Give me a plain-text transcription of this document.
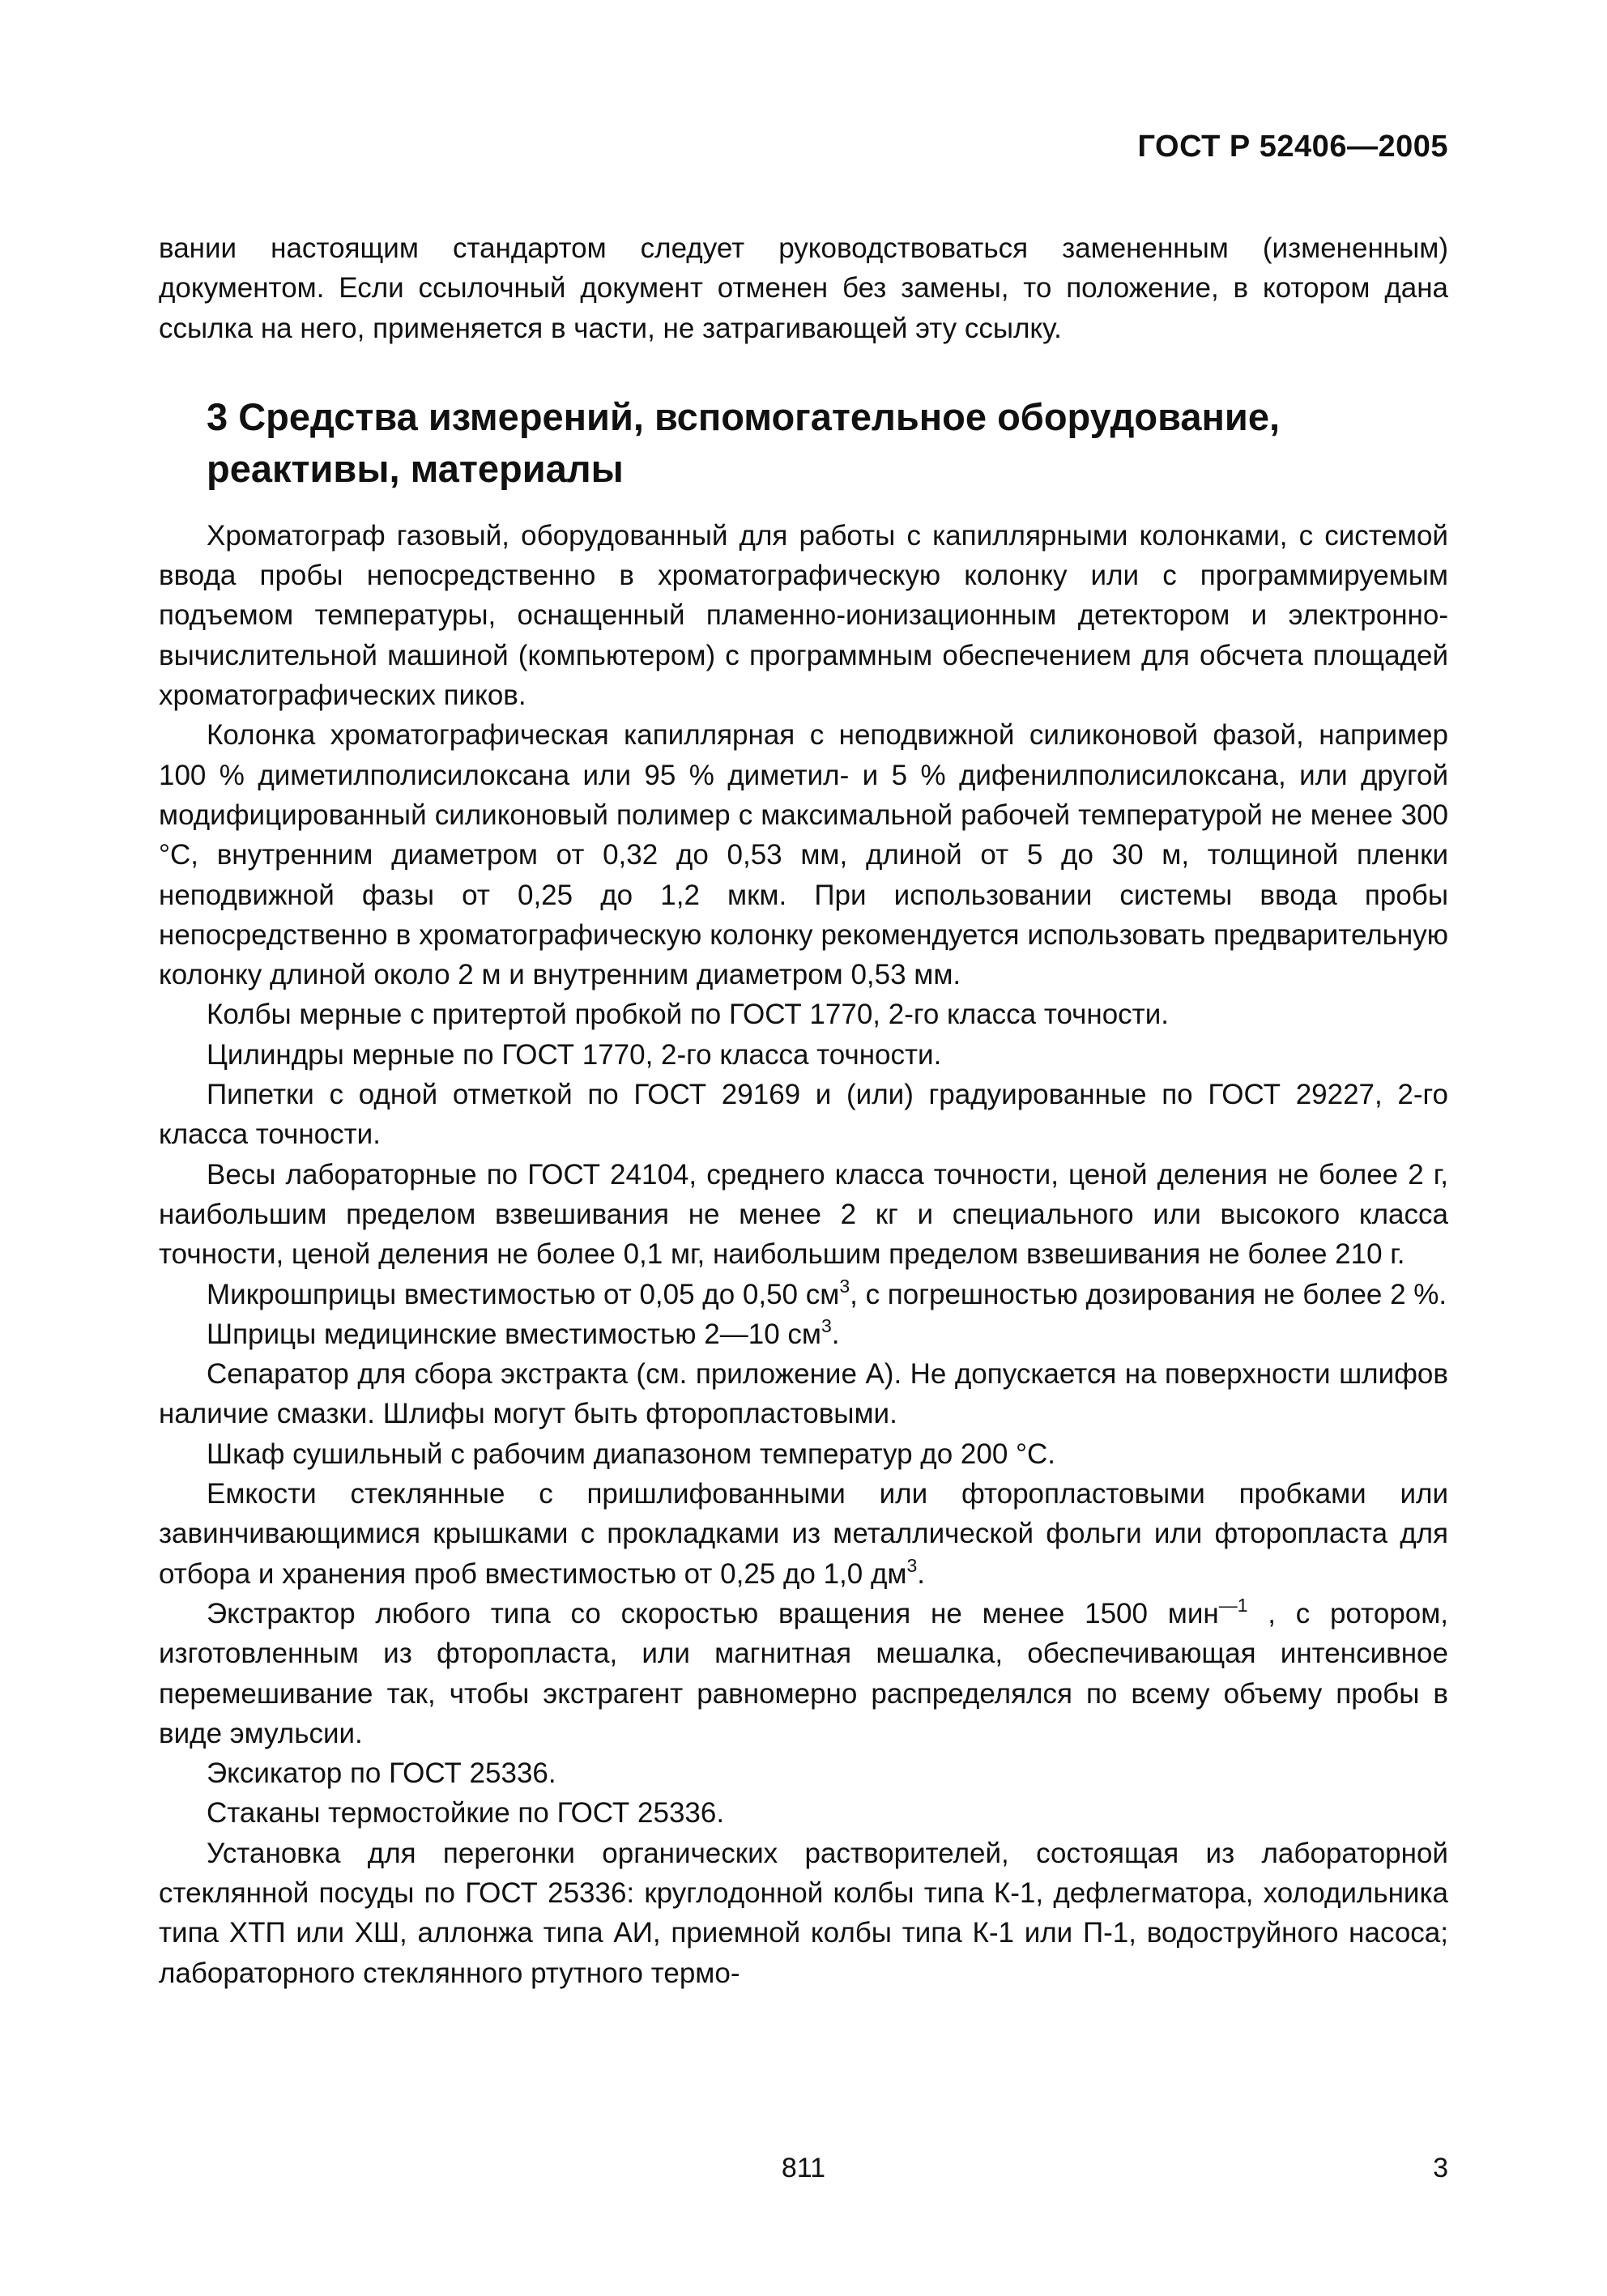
ГОСТ Р 52406—2005

вании настоящим стандартом следует руководствоваться замененным (измененным) документом. Если ссылочный документ отменен без замены, то положение, в котором дана ссылка на него, применяется в части, не затрагивающей эту ссылку.

3 Средства измерений, вспомогательное оборудование, реактивы, материалы

Хроматограф газовый, оборудованный для работы с капиллярными колонками, с системой ввода пробы непосредственно в хроматографическую колонку или с программируемым подъемом температуры, оснащенный пламенно-ионизационным детектором и электронно-вычислительной машиной (компьютером) с программным обеспечением для обсчета площадей хроматографических пиков.

Колонка хроматографическая капиллярная с неподвижной силиконовой фазой, например 100 % диметилполисилоксана или 95 % диметил- и 5 % дифенилполисилоксана, или другой модифицированный силиконовый полимер с максимальной рабочей температурой не менее 300 °С, внутренним диаметром от 0,32 до 0,53 мм, длиной от 5 до 30 м, толщиной пленки неподвижной фазы от 0,25 до 1,2 мкм. При использовании системы ввода пробы непосредственно в хроматографическую колонку рекомендуется использовать предварительную колонку длиной около 2 м и внутренним диаметром 0,53 мм.

Колбы мерные с притертой пробкой по ГОСТ 1770, 2-го класса точности.

Цилиндры мерные по ГОСТ 1770, 2-го класса точности.

Пипетки с одной отметкой по ГОСТ 29169 и (или) градуированные по ГОСТ 29227, 2-го класса точности.

Весы лабораторные по ГОСТ 24104, среднего класса точности, ценой деления не более 2 г, наибольшим пределом взвешивания не менее 2 кг и специального или высокого класса точности, ценой деления не более 0,1 мг, наибольшим пределом взвешивания не более 210 г.

Микрошприцы вместимостью от 0,05 до 0,50 $см^3$, с погрешностью дозирования не более 2 %.

Шприцы медицинские вместимостью 2—10 $см^3$.

Сепаратор для сбора экстракта (см. приложение А). Не допускается на поверхности шлифов наличие смазки. Шлифы могут быть фторопластовыми.

Шкаф сушильный с рабочим диапазоном температур до 200 °С.

Емкости стеклянные с пришлифованными или фторопластовыми пробками или завинчивающимися крышками с прокладками из металлической фольги или фторопласта для отбора и хранения проб вместимостью от 0,25 до 1,0 $дм^3$.

Экстрактор любого типа со скоростью вращения не менее 1500 мин$^{—1}$ , с ротором, изготовленным из фторопласта, или магнитная мешалка, обеспечивающая интенсивное перемешивание так, чтобы экстрагент равномерно распределялся по всему объему пробы в виде эмульсии.

Эксикатор по ГОСТ 25336.

Стаканы термостойкие по ГОСТ 25336.

Установка для перегонки органических растворителей, состоящая из лабораторной стеклянной посуды по ГОСТ 25336: круглодонной колбы типа К-1, дефлегматора, холодильника типа ХТП или ХШ, аллонжа типа АИ, приемной колбы типа К-1 или П-1, водоструйного насоса; лабораторного стеклянного ртутного термо-

811	3
